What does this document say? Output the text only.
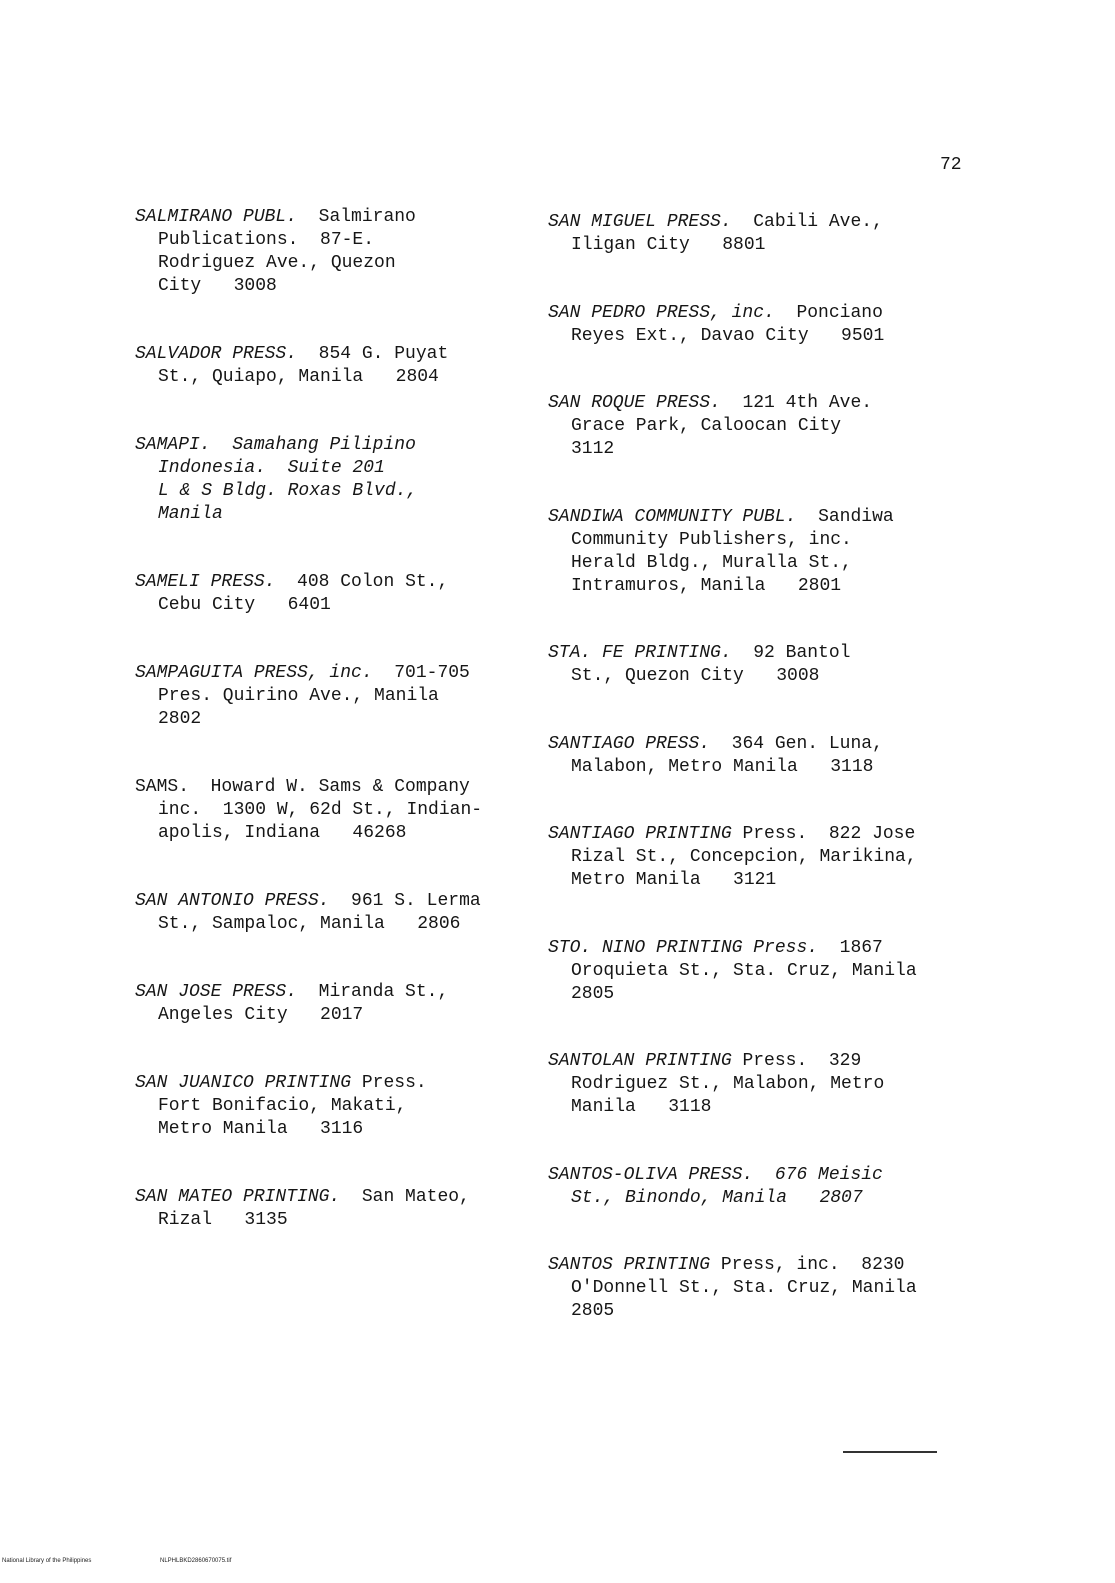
72
SALMIRANO PUBL. Salmirano
Publications.  87-E.
Rodriguez Ave., Quezon
City   3008
SALVADOR PRESS. 854 G. Puyat
St., Quiapo, Manila   2804
SAMAPI. Samahang Pilipino
Indonesia.  Suite 201
L & S Bldg. Roxas Blvd.,
Manila
SAMELI PRESS. 408 Colon St.,
Cebu City   6401
SAMPAGUITA PRESS, inc. 701-705
Pres. Quirino Ave., Manila
2802
SAMS.  Howard W. Sams & Company
inc.  1300 W, 62d St., Indian-
apolis, Indiana   46268
SAN ANTONIO PRESS. 961 S. Lerma
St., Sampaloc, Manila   2806
SAN JOSE PRESS. Miranda St.,
Angeles City   2017
SAN JUANICO PRINTING Press.
Fort Bonifacio, Makati,
Metro Manila   3116
SAN MATEO PRINTING. San Mateo,
Rizal   3135
SAN MIGUEL PRESS. Cabili Ave.,
Iligan City   8801
SAN PEDRO PRESS, inc. Ponciano
Reyes Ext., Davao City   9501
SAN ROQUE PRESS. 121 4th Ave.
Grace Park, Caloocan City
3112
SANDIWA COMMUNITY PUBL. Sandiwa
Community Publishers, inc.
Herald Bldg., Muralla St.,
Intramuros, Manila   2801
STA. FE PRINTING. 92 Bantol
St., Quezon City   3008
SANTIAGO PRESS. 364 Gen. Luna,
Malabon, Metro Manila   3118
SANTIAGO PRINTING Press.  822 Jose
Rizal St., Concepcion, Marikina,
Metro Manila   3121
STO. NINO PRINTING Press. 1867
Oroquieta St., Sta. Cruz, Manila
2805
SANTOLAN PRINTING Press.  329
Rodriguez St., Malabon, Metro
Manila   3118
SANTOS-OLIVA PRESS. 676 Meisic
St., Binondo, Manila   2807
SANTOS PRINTING Press, inc.  8230
O'Donnell St., Sta. Cruz, Manila
2805
National Library of the Philippines	NLPHLBKD2860670075.tif
